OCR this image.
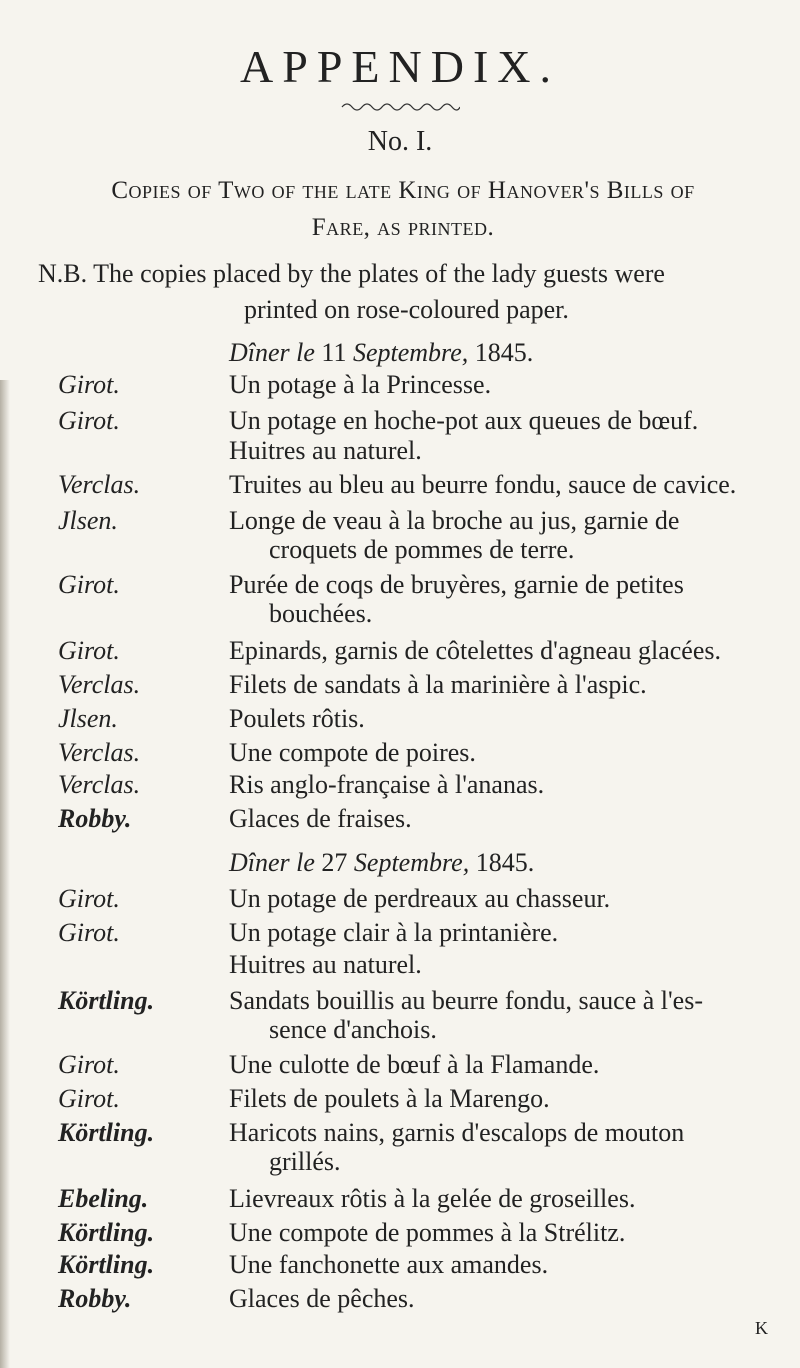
APPENDIX.
No. I.
Copies of Two of the late King of Hanover's Bills of
Fare, as printed.
N.B. The copies placed by the plates of the lady guests were
printed on rose-coloured paper.
Dîner le 11 Septembre, 1845.
Girot.	Un potage à la Princesse.
Girot.	Un potage en hoche-pot aux queues de bœuf.
Huitres au naturel.
Verclas.	Truites au bleu au beurre fondu, sauce de cavice.
Jlsen.	Longe de veau à la broche au jus, garnie de
croquets de pommes de terre.
Girot.	Purée de coqs de bruyères, garnie de petites
bouchées.
Girot.	Epinards, garnis de côtelettes d'agneau glacées.
Verclas.	Filets de sandats à la marinière à l'aspic.
Jlsen.	Poulets rôtis.
Verclas.	Une compote de poires.
Verclas.	Ris anglo-française à l'ananas.
Robby.	Glaces de fraises.
Dîner le 27 Septembre, 1845.
Girot.	Un potage de perdreaux au chasseur.
Girot.	Un potage clair à la printanière.
Huitres au naturel.
Körtling.	Sandats bouillis au beurre fondu, sauce à l'es-
sence d'anchois.
Girot.	Une culotte de bœuf à la Flamande.
Girot.	Filets de poulets à la Marengo.
Körtling.	Haricots nains, garnis d'escalops de mouton
grillés.
Ebeling.	Lievreaux rôtis à la gelée de groseilles.
Körtling.	Une compote de pommes à la Strélitz.
Körtling.	Une fanchonette aux amandes.
Robby.	Glaces de pêches.
K
